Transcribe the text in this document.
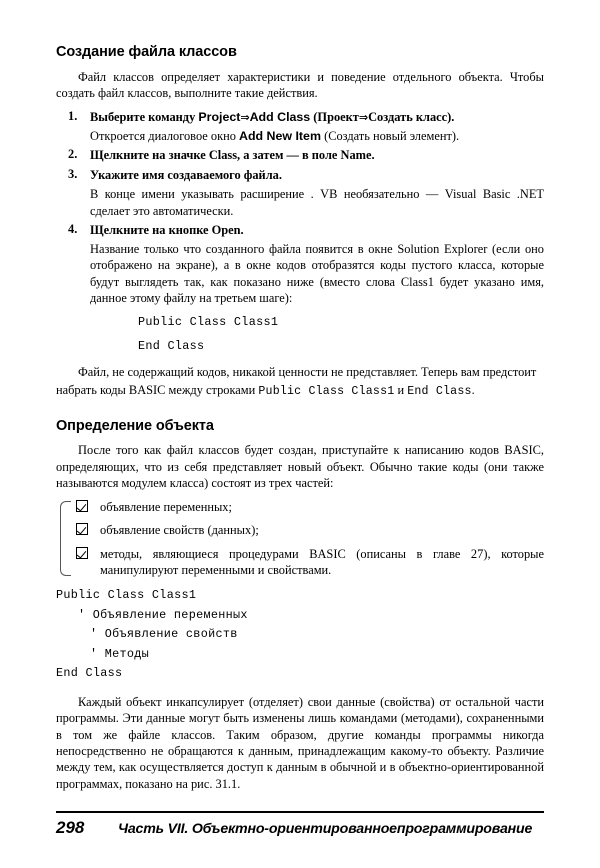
Создание файла классов

Файл классов определяет характеристики и поведение отдельного объекта. Чтобы создать файл классов, выполните такие действия.

1. Выберите команду Project⇒Add Class (Проект⇒Создать класс).
Откроется диалоговое окно Add New Item (Создать новый элемент).
2. Щелкните на значке Class, а затем — в поле Name.
3. Укажите имя создаваемого файла.
В конце имени указывать расширение . VB необязательно — Visual Basic .NET сделает это автоматически.
4. Щелкните на кнопке Open.
Название только что созданного файла появится в окне Solution Explorer (если оно отображено на экране), а в окне кодов отобразятся коды пустого класса, которые будут выглядеть так, как показано ниже (вместо слова Class1 будет указано имя, данное этому файлу на третьем шаге):
Public Class Class1
End Class

Файл, не содержащий кодов, никакой ценности не представляет. Теперь вам предстоит

набрать коды BASIC между строками Public Class Class1 и End Class.

Определение объекта

После того как файл классов будет создан, приступайте к написанию кодов BASIC, определяющих, что из себя представляет новый объект. Обычно такие коды (они также называются модулем класса) состоят из трех частей:

объявление переменных;
объявление свойств (данных);
методы, являющиеся процедурами BASIC (описаны в главе 27), которые манипулируют переменными и свойствами.
Public Class Class1
' Объявление переменных
' Объявление свойств
' Методы
End Class

Каждый объект инкапсулирует (отделяет) свои данные (свойства) от остальной части программы. Эти данные могут быть изменены лишь командами (методами), сохраненными в том же файле классов. Таким образом, другие команды программы никогда непосредственно не обращаются к данным, принадлежащим какому-то объекту. Различие между тем, как осуществляется доступ к данным в обычной и в объектно-ориентированной программах, показано на рис. 31.1.

298	Часть VII. Объектно-ориентированноепрограммирование
